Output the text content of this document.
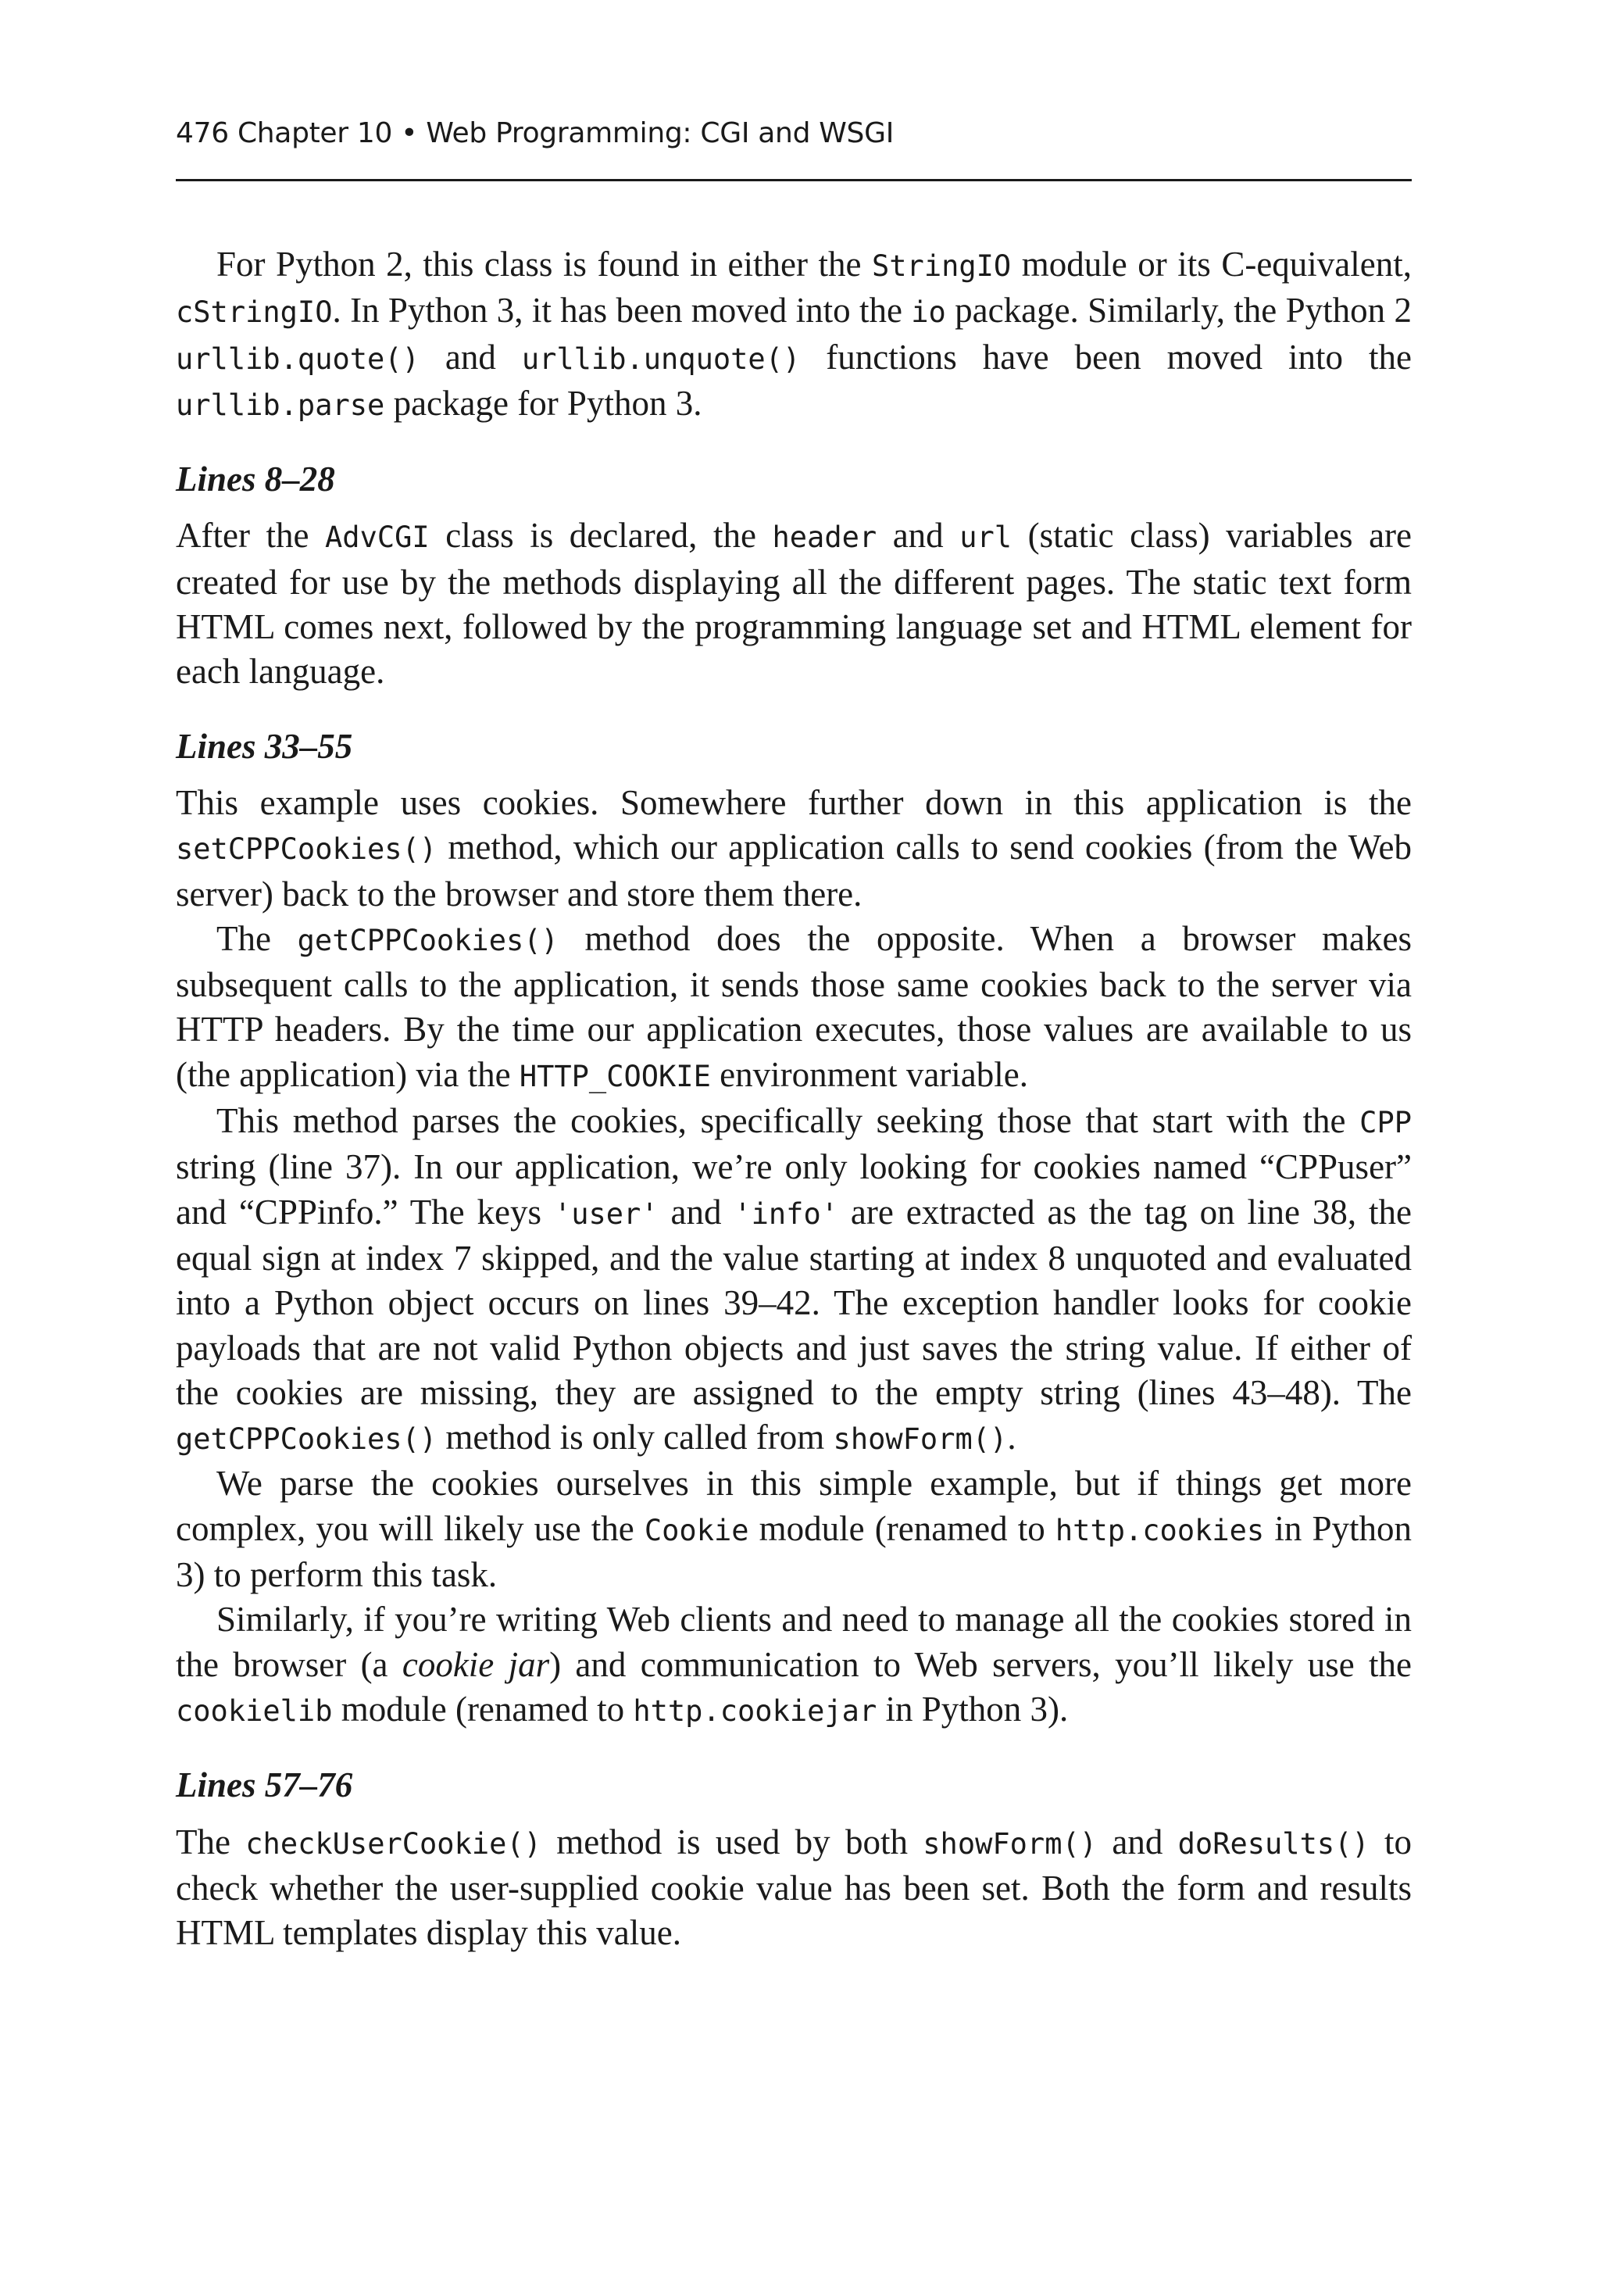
476 Chapter 10 • Web Programming: CGI and WSGI

For Python 2, this class is found in either the StringIO module or its C-equivalent, cStringIO. In Python 3, it has been moved into the io package. Similarly, the Python 2 urllib.quote() and urllib.unquote() functions have been moved into the urllib.parse package for Python 3.

Lines 8–28

After the AdvCGI class is declared, the header and url (static class) variables are created for use by the methods displaying all the different pages. The static text form HTML comes next, followed by the programming language set and HTML element for each language.

Lines 33–55

This example uses cookies. Somewhere further down in this application is the setCPPCookies() method, which our application calls to send cookies (from the Web server) back to the browser and store them there.

The getCPPCookies() method does the opposite. When a browser makes subsequent calls to the application, it sends those same cookies back to the server via HTTP headers. By the time our application executes, those values are available to us (the application) via the HTTP_COOKIE environment variable.

This method parses the cookies, specifically seeking those that start with the CPP string (line 37). In our application, we’re only looking for cookies named “CPPuser” and “CPPinfo.” The keys 'user' and 'info' are extracted as the tag on line 38, the equal sign at index 7 skipped, and the value starting at index 8 unquoted and evaluated into a Python object occurs on lines 39–42. The exception handler looks for cookie payloads that are not valid Python objects and just saves the string value. If either of the cookies are missing, they are assigned to the empty string (lines 43–48). The getCPPCookies() method is only called from showForm().

We parse the cookies ourselves in this simple example, but if things get more complex, you will likely use the Cookie module (renamed to http.cookies in Python 3) to perform this task.

Similarly, if you’re writing Web clients and need to manage all the cookies stored in the browser (a cookie jar) and communication to Web servers, you’ll likely use the cookielib module (renamed to http.cookiejar in Python 3).

Lines 57–76

The checkUserCookie() method is used by both showForm() and doResults() to check whether the user-supplied cookie value has been set. Both the form and results HTML templates display this value.
